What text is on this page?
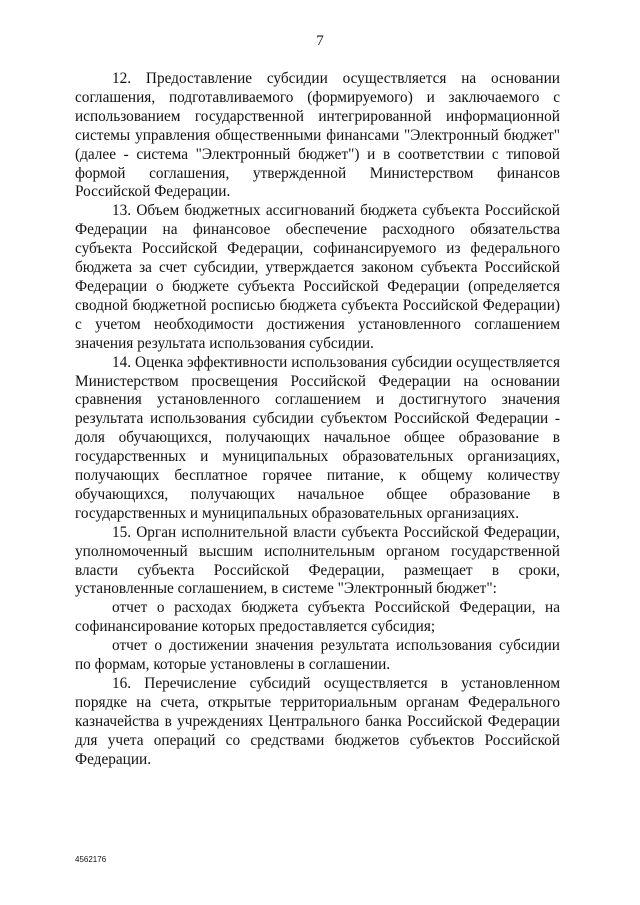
7

12. Предоставление субсидии осуществляется на основании соглашения, подготавливаемого (формируемого) и заключаемого с использованием государственной интегрированной информационной системы управления общественными финансами "Электронный бюджет" (далее - система "Электронный бюджет") и в соответствии с типовой формой соглашения, утвержденной Министерством финансов Российской Федерации.

13. Объем бюджетных ассигнований бюджета субъекта Российской Федерации на финансовое обеспечение расходного обязательства субъекта Российской Федерации, софинансируемого из федерального бюджета за счет субсидии, утверждается законом субъекта Российской Федерации о бюджете субъекта Российской Федерации (определяется сводной бюджетной росписью бюджета субъекта Российской Федерации) с учетом необходимости достижения установленного соглашением значения результата использования субсидии.

14. Оценка эффективности использования субсидии осуществляется Министерством просвещения Российской Федерации на основании сравнения установленного соглашением и достигнутого значения результата использования субсидии субъектом Российской Федерации - доля обучающихся, получающих начальное общее образование в государственных и муниципальных образовательных организациях, получающих бесплатное горячее питание, к общему количеству обучающихся, получающих начальное общее образование в государственных и муниципальных образовательных организациях.

15. Орган исполнительной власти субъекта Российской Федерации, уполномоченный высшим исполнительным органом государственной власти субъекта Российской Федерации, размещает в сроки, установленные соглашением, в системе "Электронный бюджет":

отчет о расходах бюджета субъекта Российской Федерации, на софинансирование которых предоставляется субсидия;

отчет о достижении значения результата использования субсидии по формам, которые установлены в соглашении.

16. Перечисление субсидий осуществляется в установленном порядке на счета, открытые территориальным органам Федерального казначейства в учреждениях Центрального банка Российской Федерации для учета операций со средствами бюджетов субъектов Российской Федерации.

4562176
